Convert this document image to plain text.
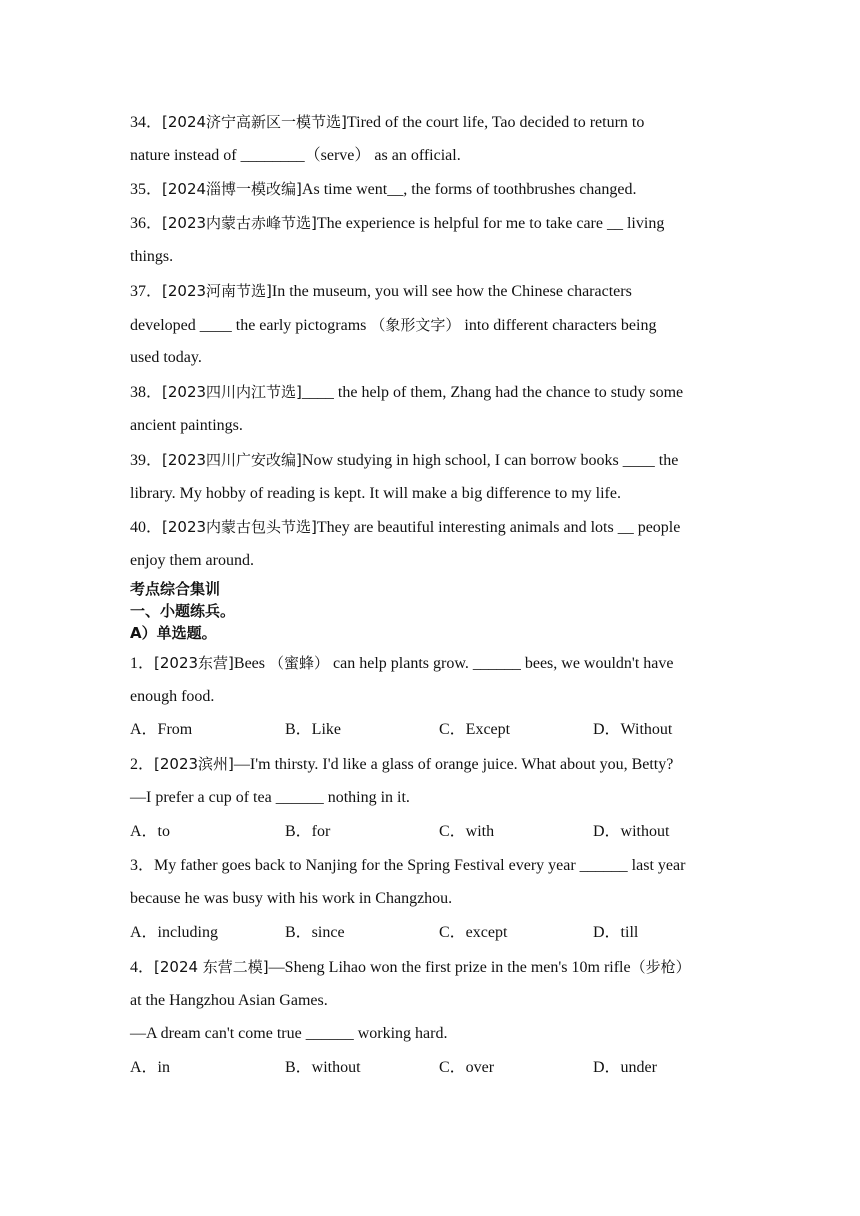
34．[2024济宁高新区一模节选]Tired of the court life, Tao decided to return to
nature instead of ________（serve） as an official.
35．[2024淄博一模改编]As time went__, the forms of toothbrushes changed.
36．[2023内蒙古赤峰节选]The experience is helpful for me to take care __ living
things.
37．[2023河南节选]In the museum, you will see how the Chinese characters
developed ____ the early pictograms （象形文字） into different characters being
used today.
38．[2023四川内江节选]____ the help of them, Zhang had the chance to study some
ancient paintings.
39．[2023四川广安改编]Now studying in high school, I can borrow books ____ the
library. My hobby of reading is kept. It will make a big difference to my life.
40．[2023内蒙古包头节选]They are beautiful interesting animals and lots __ people
enjoy them around.
考点综合集训
一、小题练兵。
A）单选题。
1．[2023东营]Bees （蜜蜂） can help plants grow. ______ bees, we wouldn't have
enough food.
A．From	B．Like	C．Except	D．Without
2．[2023滨州]—I'm thirsty. I'd like a glass of orange juice. What about you, Betty?
—I prefer a cup of tea ______ nothing in it.
A．to	B．for	C．with	D．without
3．My father goes back to Nanjing for the Spring Festival every year ______ last year
because he was busy with his work in Changzhou.
A．including	B．since	C．except	D．till
4．[2024 东营二模]—Sheng Lihao won the first prize in the men's 10m rifle（步枪）
at the Hangzhou Asian Games.
—A dream can't come true ______ working hard.
A．in	B．without	C．over	D．under
